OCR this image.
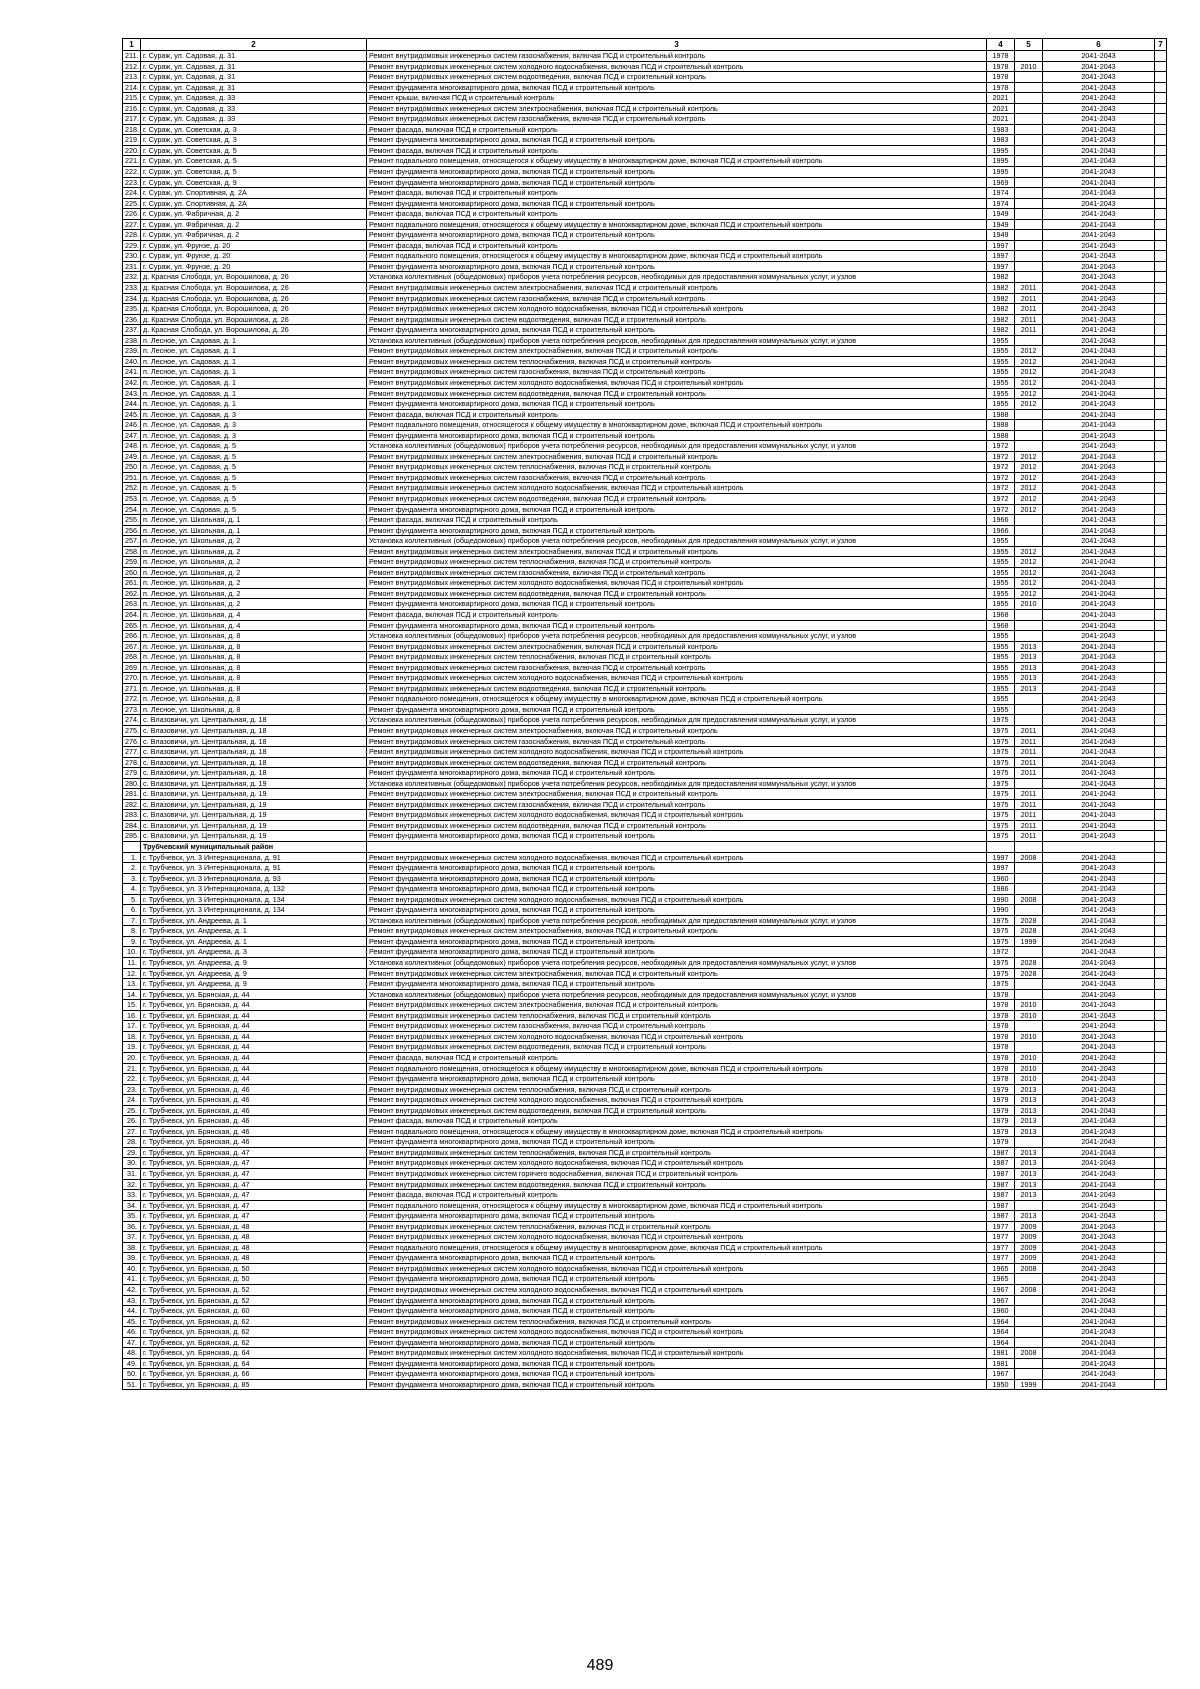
1	2	3	4	5	6	7
211.	г. Сураж, ул. Садовая, д. 31	Ремонт внутридомовых инженерных систем газоснабжения, включая ПСД и строительный контроль	1978		2041-2043	
212.	г. Сураж, ул. Садовая, д. 31	Ремонт внутридомовых инженерных систем холодного водоснабжения, включая ПСД и строительный контроль	1978	2010	2041-2043	
213.	г. Сураж, ул. Садовая, д. 31	Ремонт внутридомовых инженерных систем водоотведения, включая ПСД и строительный контроль	1978		2041-2043	
214.	г. Сураж, ул. Садовая, д. 31	Ремонт фундамента многоквартирного дома, включая ПСД и строительный контроль	1978		2041-2043	
215.	г. Сураж, ул. Садовая, д. 33	Ремонт крыши, включая ПСД и строительный контроль	2021		2041-2043	
216.	г. Сураж, ул. Садовая, д. 33	Ремонт внутридомовых инженерных систем электроснабжения, включая ПСД и строительный контроль	2021		2041-2043	
217.	г. Сураж, ул. Садовая, д. 33	Ремонт внутридомовых инженерных систем газоснабжения, включая ПСД и строительный контроль	2021		2041-2043	
218.	г. Сураж, ул. Советская, д. 3	Ремонт фасада, включая ПСД и строительный контроль	1983		2041-2043	
219.	г. Сураж, ул. Советская, д. 3	Ремонт фундамента многоквартирного дома, включая ПСД и строительный контроль	1983		2041-2043	
220.	г. Сураж, ул. Советская, д. 5	Ремонт фасада, включая ПСД и строительный контроль	1995		2041-2043	
221.	г. Сураж, ул. Советская, д. 5	Ремонт подвального помещения, относящегося к общему имуществу в многоквартирном доме, включая ПСД и строительный контроль	1995		2041-2043	
222.	г. Сураж, ул. Советская, д. 5	Ремонт фундамента многоквартирного дома, включая ПСД и строительный контроль	1995		2041-2043	
223.	г. Сураж, ул. Советская, д. 9	Ремонт фундамента многоквартирного дома, включая ПСД и строительный контроль	1969		2041-2043	
224.	г. Сураж, ул. Спортивная, д. 2А	Ремонт фасада, включая ПСД и строительный контроль	1974		2041-2043	
225.	г. Сураж, ул. Спортивная, д. 2А	Ремонт фундамента многоквартирного дома, включая ПСД и строительный контроль	1974		2041-2043	
226.	г. Сураж, ул. Фабричная, д. 2	Ремонт фасада, включая ПСД и строительный контроль	1949		2041-2043	
227.	г. Сураж, ул. Фабричная, д. 2	Ремонт подвального помещения, относящегося к общему имуществу в многоквартирном доме, включая ПСД и строительный контроль	1949		2041-2043	
228.	г. Сураж, ул. Фабричная, д. 2	Ремонт фундамента многоквартирного дома, включая ПСД и строительный контроль	1949		2041-2043	
229.	г. Сураж, ул. Фрунзе, д. 20	Ремонт фасада, включая ПСД и строительный контроль	1997		2041-2043	
230.	г. Сураж, ул. Фрунзе, д. 20	Ремонт подвального помещения, относящегося к общему имуществу в многоквартирном доме, включая ПСД и строительный контроль	1997		2041-2043	
231.	г. Сураж, ул. Фрунзе, д. 20	Ремонт фундамента многоквартирного дома, включая ПСД и строительный контроль	1997		2041-2043	
232.	д. Красная Слобода, ул. Ворошилова, д. 26	Установка коллективных (общедомовых) приборов учета потребления ресурсов, необходимых для предоставления коммунальных услуг, и узлов	1982		2041-2043	
233.	д. Красная Слобода, ул. Ворошилова, д. 26	Ремонт внутридомовых инженерных систем электроснабжения, включая ПСД и строительный контроль	1982	2011	2041-2043	
234.	д. Красная Слобода, ул. Ворошилова, д. 26	Ремонт внутридомовых инженерных систем газоснабжения, включая ПСД и строительный контроль	1982	2011	2041-2043	
235.	д. Красная Слобода, ул. Ворошилова, д. 26	Ремонт внутридомовых инженерных систем холодного водоснабжения, включая ПСД и строительный контроль	1982	2011	2041-2043	
236.	д. Красная Слобода, ул. Ворошилова, д. 26	Ремонт внутридомовых инженерных систем водоотведения, включая ПСД и строительный контроль	1982	2011	2041-2043	
237.	д. Красная Слобода, ул. Ворошилова, д. 26	Ремонт фундамента многоквартирного дома, включая ПСД и строительный контроль	1982	2011	2041-2043	
238.	п. Лесное, ул. Садовая, д. 1	Установка коллективных (общедомовых) приборов учета потребления ресурсов, необходимых для предоставления коммунальных услуг, и узлов	1955		2041-2043	
239.	п. Лесное, ул. Садовая, д. 1	Ремонт внутридомовых инженерных систем электроснабжения, включая ПСД и строительный контроль	1955	2012	2041-2043	
240.	п. Лесное, ул. Садовая, д. 1	Ремонт внутридомовых инженерных систем теплоснабжения, включая ПСД и строительный контроль	1955	2012	2041-2043	
241.	п. Лесное, ул. Садовая, д. 1	Ремонт внутридомовых инженерных систем газоснабжения, включая ПСД и строительный контроль	1955	2012	2041-2043	
242.	п. Лесное, ул. Садовая, д. 1	Ремонт внутридомовых инженерных систем холодного водоснабжения, включая ПСД и строительный контроль	1955	2012	2041-2043	
243.	п. Лесное, ул. Садовая, д. 1	Ремонт внутридомовых инженерных систем водоотведения, включая ПСД и строительный контроль	1955	2012	2041-2043	
244.	п. Лесное, ул. Садовая, д. 1	Ремонт фундамента многоквартирного дома, включая ПСД и строительный контроль	1955	2012	2041-2043	
245.	п. Лесное, ул. Садовая, д. 3	Ремонт фасада, включая ПСД и строительный контроль	1988		2041-2043	
246.	п. Лесное, ул. Садовая, д. 3	Ремонт подвального помещения, относящегося к общему имуществу в многоквартирном доме, включая ПСД и строительный контроль	1988		2041-2043	
247.	п. Лесное, ул. Садовая, д. 3	Ремонт фундамента многоквартирного дома, включая ПСД и строительный контроль	1988		2041-2043	
248.	п. Лесное, ул. Садовая, д. 5	Установка коллективных (общедомовых) приборов учета потребления ресурсов, необходимых для предоставления коммунальных услуг, и узлов	1972		2041-2043	
249.	п. Лесное, ул. Садовая, д. 5	Ремонт внутридомовых инженерных систем электроснабжения, включая ПСД и строительный контроль	1972	2012	2041-2043	
250.	п. Лесное, ул. Садовая, д. 5	Ремонт внутридомовых инженерных систем теплоснабжения, включая ПСД и строительный контроль	1972	2012	2041-2043	
251.	п. Лесное, ул. Садовая, д. 5	Ремонт внутридомовых инженерных систем газоснабжения, включая ПСД и строительный контроль	1972	2012	2041-2043	
252.	п. Лесное, ул. Садовая, д. 5	Ремонт внутридомовых инженерных систем холодного водоснабжения, включая ПСД и строительный контроль	1972	2012	2041-2043	
253.	п. Лесное, ул. Садовая, д. 5	Ремонт внутридомовых инженерных систем водоотведения, включая ПСД и строительный контроль	1972	2012	2041-2043	
254.	п. Лесное, ул. Садовая, д. 5	Ремонт фундамента многоквартирного дома, включая ПСД и строительный контроль	1972	2012	2041-2043	
255.	п. Лесное, ул. Школьная, д. 1	Ремонт фасада, включая ПСД и строительный контроль	1966		2041-2043	
256.	п. Лесное, ул. Школьная, д. 1	Ремонт фундамента многоквартирного дома, включая ПСД и строительный контроль	1966		2041-2043	
257.	п. Лесное, ул. Школьная, д. 2	Установка коллективных (общедомовых) приборов учета потребления ресурсов, необходимых для предоставления коммунальных услуг, и узлов	1955		2041-2043	
258.	п. Лесное, ул. Школьная, д. 2	Ремонт внутридомовых инженерных систем электроснабжения, включая ПСД и строительный контроль	1955	2012	2041-2043	
259.	п. Лесное, ул. Школьная, д. 2	Ремонт внутридомовых инженерных систем теплоснабжения, включая ПСД и строительный контроль	1955	2012	2041-2043	
260.	п. Лесное, ул. Школьная, д. 2	Ремонт внутридомовых инженерных систем газоснабжения, включая ПСД и строительный контроль	1955	2012	2041-2043	
261.	п. Лесное, ул. Школьная, д. 2	Ремонт внутридомовых инженерных систем холодного водоснабжения, включая ПСД и строительный контроль	1955	2012	2041-2043	
262.	п. Лесное, ул. Школьная, д. 2	Ремонт внутридомовых инженерных систем водоотведения, включая ПСД и строительный контроль	1955	2012	2041-2043	
263.	п. Лесное, ул. Школьная, д. 2	Ремонт фундамента многоквартирного дома, включая ПСД и строительный контроль	1955	2010	2041-2043	
264.	п. Лесное, ул. Школьная, д. 4	Ремонт фасада, включая ПСД и строительный контроль	1968		2041-2043	
265.	п. Лесное, ул. Школьная, д. 4	Ремонт фундамента многоквартирного дома, включая ПСД и строительный контроль	1968		2041-2043	
266.	п. Лесное, ул. Школьная, д. 8	Установка коллективных (общедомовых) приборов учета потребления ресурсов, необходимых для предоставления коммунальных услуг, и узлов	1955		2041-2043	
267.	п. Лесное, ул. Школьная, д. 8	Ремонт внутридомовых инженерных систем электроснабжения, включая ПСД и строительный контроль	1955	2013	2041-2043	
268.	п. Лесное, ул. Школьная, д. 8	Ремонт внутридомовых инженерных систем теплоснабжения, включая ПСД и строительный контроль	1955	2013	2041-2043	
269.	п. Лесное, ул. Школьная, д. 8	Ремонт внутридомовых инженерных систем газоснабжения, включая ПСД и строительный контроль	1955	2013	2041-2043	
270.	п. Лесное, ул. Школьная, д. 8	Ремонт внутридомовых инженерных систем холодного водоснабжения, включая ПСД и строительный контроль	1955	2013	2041-2043	
271.	п. Лесное, ул. Школьная, д. 8	Ремонт внутридомовых инженерных систем водоотведения, включая ПСД и строительный контроль	1955	2013	2041-2043	
272.	п. Лесное, ул. Школьная, д. 8	Ремонт подвального помещения, относящегося к общему имуществу в многоквартирном доме, включая ПСД и строительный контроль	1955		2041-2043	
273.	п. Лесное, ул. Школьная, д. 8	Ремонт фундамента многоквартирного дома, включая ПСД и строительный контроль	1955		2041-2043	
274.	с. Влазовичи, ул. Центральная, д. 18	Установка коллективных (общедомовых) приборов учета потребления ресурсов, необходимых для предоставления коммунальных услуг, и узлов	1975		2041-2043	
275.	с. Влазовичи, ул. Центральная, д. 18	Ремонт внутридомовых инженерных систем электроснабжения, включая ПСД и строительный контроль	1975	2011	2041-2043	
276.	с. Влазовичи, ул. Центральная, д. 18	Ремонт внутридомовых инженерных систем газоснабжения, включая ПСД и строительный контроль	1975	2011	2041-2043	
277.	с. Влазовичи, ул. Центральная, д. 18	Ремонт внутридомовых инженерных систем холодного водоснабжения, включая ПСД и строительный контроль	1975	2011	2041-2043	
278.	с. Влазовичи, ул. Центральная, д. 18	Ремонт внутридомовых инженерных систем водоотведения, включая ПСД и строительный контроль	1975	2011	2041-2043	
279.	с. Влазовичи, ул. Центральная, д. 18	Ремонт фундамента многоквартирного дома, включая ПСД и строительный контроль	1975	2011	2041-2043	
280.	с. Влазовичи, ул. Центральная, д. 19	Установка коллективных (общедомовых) приборов учета потребления ресурсов, необходимых для предоставления коммунальных услуг, и узлов	1975		2041-2043	
281.	с. Влазовичи, ул. Центральная, д. 19	Ремонт внутридомовых инженерных систем электроснабжения, включая ПСД и строительный контроль	1975	2011	2041-2043	
282.	с. Влазовичи, ул. Центральная, д. 19	Ремонт внутридомовых инженерных систем газоснабжения, включая ПСД и строительный контроль	1975	2011	2041-2043	
283.	с. Влазовичи, ул. Центральная, д. 19	Ремонт внутридомовых инженерных систем холодного водоснабжения, включая ПСД и строительный контроль	1975	2011	2041-2043	
284.	с. Влазовичи, ул. Центральная, д. 19	Ремонт внутридомовых инженерных систем водоотведения, включая ПСД и строительный контроль	1975	2011	2041-2043	
285.	с. Влазовичи, ул. Центральная, д. 19	Ремонт фундамента многоквартирного дома, включая ПСД и строительный контроль	1975	2011	2041-2043	
	Трубчевский муниципальный район					
1.	г. Трубчевск, ул. 3 Интернационала, д. 91	Ремонт внутридомовых инженерных систем холодного водоснабжения, включая ПСД и строительный контроль	1997	2008	2041-2043	
2.	г. Трубчевск, ул. 3 Интернационала, д. 91	Ремонт фундамента многоквартирного дома, включая ПСД и строительный контроль	1997		2041-2043	
3.	г. Трубчевск, ул. 3 Интернационала, д. 93	Ремонт фундамента многоквартирного дома, включая ПСД и строительный контроль	1960		2041-2043	
4.	г. Трубчевск, ул. 3 Интернационала, д. 132	Ремонт фундамента многоквартирного дома, включая ПСД и строительный контроль	1986		2041-2043	
5.	г. Трубчевск, ул. 3 Интернационала, д. 134	Ремонт внутридомовых инженерных систем холодного водоснабжения, включая ПСД и строительный контроль	1990	2008	2041-2043	
6.	г. Трубчевск, ул. 3 Интернационала, д. 134	Ремонт фундамента многоквартирного дома, включая ПСД и строительный контроль	1990		2041-2043	
7.	г. Трубчевск, ул. Андреева, д. 1	Установка коллективных (общедомовых) приборов учета потребления ресурсов, необходимых для предоставления коммунальных услуг, и узлов	1975	2028	2041-2043	
8.	г. Трубчевск, ул. Андреева, д. 1	Ремонт внутридомовых инженерных систем электроснабжения, включая ПСД и строительный контроль	1975	2028	2041-2043	
9.	г. Трубчевск, ул. Андреева, д. 1	Ремонт фундамента многоквартирного дома, включая ПСД и строительный контроль	1975	1999	2041-2043	
10.	г. Трубчевск, ул. Андреева, д. 3	Ремонт фундамента многоквартирного дома, включая ПСД и строительный контроль	1972		2041-2043	
11.	г. Трубчевск, ул. Андреева, д. 9	Установка коллективных (общедомовых) приборов учета потребления ресурсов, необходимых для предоставления коммунальных услуг, и узлов	1975	2028	2041-2043	
12.	г. Трубчевск, ул. Андреева, д. 9	Ремонт внутридомовых инженерных систем электроснабжения, включая ПСД и строительный контроль	1975	2028	2041-2043	
13.	г. Трубчевск, ул. Андреева, д. 9	Ремонт фундамента многоквартирного дома, включая ПСД и строительный контроль	1975		2041-2043	
14.	г. Трубчевск, ул. Брянская, д. 44	Установка коллективных (общедомовых) приборов учета потребления ресурсов, необходимых для предоставления коммунальных услуг, и узлов	1978		2041-2043	
15.	г. Трубчевск, ул. Брянская, д. 44	Ремонт внутридомовых инженерных систем электроснабжения, включая ПСД и строительный контроль	1978	2010	2041-2043	
16.	г. Трубчевск, ул. Брянская, д. 44	Ремонт внутридомовых инженерных систем теплоснабжения, включая ПСД и строительный контроль	1978	2010	2041-2043	
17.	г. Трубчевск, ул. Брянская, д. 44	Ремонт внутридомовых инженерных систем газоснабжения, включая ПСД и строительный контроль	1978		2041-2043	
18.	г. Трубчевск, ул. Брянская, д. 44	Ремонт внутридомовых инженерных систем холодного водоснабжения, включая ПСД и строительный контроль	1978	2010	2041-2043	
19.	г. Трубчевск, ул. Брянская, д. 44	Ремонт внутридомовых инженерных систем водоотведения, включая ПСД и строительный контроль	1978		2041-2043	
20.	г. Трубчевск, ул. Брянская, д. 44	Ремонт фасада, включая ПСД и строительный контроль	1978	2010	2041-2043	
21.	г. Трубчевск, ул. Брянская, д. 44	Ремонт подвального помещения, относящегося к общему имуществу в многоквартирном доме, включая ПСД и строительный контроль	1978	2010	2041-2043	
22.	г. Трубчевск, ул. Брянская, д. 44	Ремонт фундамента многоквартирного дома, включая ПСД и строительный контроль	1978	2010	2041-2043	
23.	г. Трубчевск, ул. Брянская, д. 46	Ремонт внутридомовых инженерных систем теплоснабжения, включая ПСД и строительный контроль	1979	2013	2041-2043	
24.	г. Трубчевск, ул. Брянская, д. 46	Ремонт внутридомовых инженерных систем холодного водоснабжения, включая ПСД и строительный контроль	1979	2013	2041-2043	
25.	г. Трубчевск, ул. Брянская, д. 46	Ремонт внутридомовых инженерных систем водоотведения, включая ПСД и строительный контроль	1979	2013	2041-2043	
26.	г. Трубчевск, ул. Брянская, д. 46	Ремонт фасада, включая ПСД и строительный контроль	1979	2013	2041-2043	
27.	г. Трубчевск, ул. Брянская, д. 46	Ремонт подвального помещения, относящегося к общему имуществу в многоквартирном доме, включая ПСД и строительный контроль	1979	2013	2041-2043	
28.	г. Трубчевск, ул. Брянская, д. 46	Ремонт фундамента многоквартирного дома, включая ПСД и строительный контроль	1979		2041-2043	
29.	г. Трубчевск, ул. Брянская, д. 47	Ремонт внутридомовых инженерных систем теплоснабжения, включая ПСД и строительный контроль	1987	2013	2041-2043	
30.	г. Трубчевск, ул. Брянская, д. 47	Ремонт внутридомовых инженерных систем холодного водоснабжения, включая ПСД и строительный контроль	1987	2013	2041-2043	
31.	г. Трубчевск, ул. Брянская, д. 47	Ремонт внутридомовых инженерных систем горячего водоснабжения, включая ПСД и строительный контроль	1987	2013	2041-2043	
32.	г. Трубчевск, ул. Брянская, д. 47	Ремонт внутридомовых инженерных систем водоотведения, включая ПСД и строительный контроль	1987	2013	2041-2043	
33.	г. Трубчевск, ул. Брянская, д. 47	Ремонт фасада, включая ПСД и строительный контроль	1987	2013	2041-2043	
34.	г. Трубчевск, ул. Брянская, д. 47	Ремонт подвального помещения, относящегося к общему имуществу в многоквартирном доме, включая ПСД и строительный контроль	1987		2041-2043	
35.	г. Трубчевск, ул. Брянская, д. 47	Ремонт фундамента многоквартирного дома, включая ПСД и строительный контроль	1987	2013	2041-2043	
36.	г. Трубчевск, ул. Брянская, д. 48	Ремонт внутридомовых инженерных систем теплоснабжения, включая ПСД и строительный контроль	1977	2009	2041-2043	
37.	г. Трубчевск, ул. Брянская, д. 48	Ремонт внутридомовых инженерных систем холодного водоснабжения, включая ПСД и строительный контроль	1977	2009	2041-2043	
38.	г. Трубчевск, ул. Брянская, д. 48	Ремонт подвального помещения, относящегося к общему имуществу в многоквартирном доме, включая ПСД и строительный контроль	1977	2009	2041-2043	
39.	г. Трубчевск, ул. Брянская, д. 48	Ремонт фундамента многоквартирного дома, включая ПСД и строительный контроль	1977	2009	2041-2043	
40.	г. Трубчевск, ул. Брянская, д. 50	Ремонт внутридомовых инженерных систем холодного водоснабжения, включая ПСД и строительный контроль	1965	2008	2041-2043	
41.	г. Трубчевск, ул. Брянская, д. 50	Ремонт фундамента многоквартирного дома, включая ПСД и строительный контроль	1965		2041-2043	
42.	г. Трубчевск, ул. Брянская, д. 52	Ремонт внутридомовых инженерных систем холодного водоснабжения, включая ПСД и строительный контроль	1967	2008	2041-2043	
43.	г. Трубчевск, ул. Брянская, д. 52	Ремонт фундамента многоквартирного дома, включая ПСД и строительный контроль	1967		2041-2043	
44.	г. Трубчевск, ул. Брянская, д. 60	Ремонт фундамента многоквартирного дома, включая ПСД и строительный контроль	1960		2041-2043	
45.	г. Трубчевск, ул. Брянская, д. 62	Ремонт внутридомовых инженерных систем теплоснабжения, включая ПСД и строительный контроль	1964		2041-2043	
46.	г. Трубчевск, ул. Брянская, д. 62	Ремонт внутридомовых инженерных систем холодного водоснабжения, включая ПСД и строительный контроль	1964		2041-2043	
47.	г. Трубчевск, ул. Брянская, д. 62	Ремонт фундамента многоквартирного дома, включая ПСД и строительный контроль	1964		2041-2043	
48.	г. Трубчевск, ул. Брянская, д. 64	Ремонт внутридомовых инженерных систем холодного водоснабжения, включая ПСД и строительный контроль	1981	2008	2041-2043	
49.	г. Трубчевск, ул. Брянская, д. 64	Ремонт фундамента многоквартирного дома, включая ПСД и строительный контроль	1981		2041-2043	
50.	г. Трубчевск, ул. Брянская, д. 66	Ремонт фундамента многоквартирного дома, включая ПСД и строительный контроль	1967		2041-2043	
51.	г. Трубчевск, ул. Брянская, д. 85	Ремонт фундамента многоквартирного дома, включая ПСД и строительный контроль	1950	1999	2041-2043	
489
